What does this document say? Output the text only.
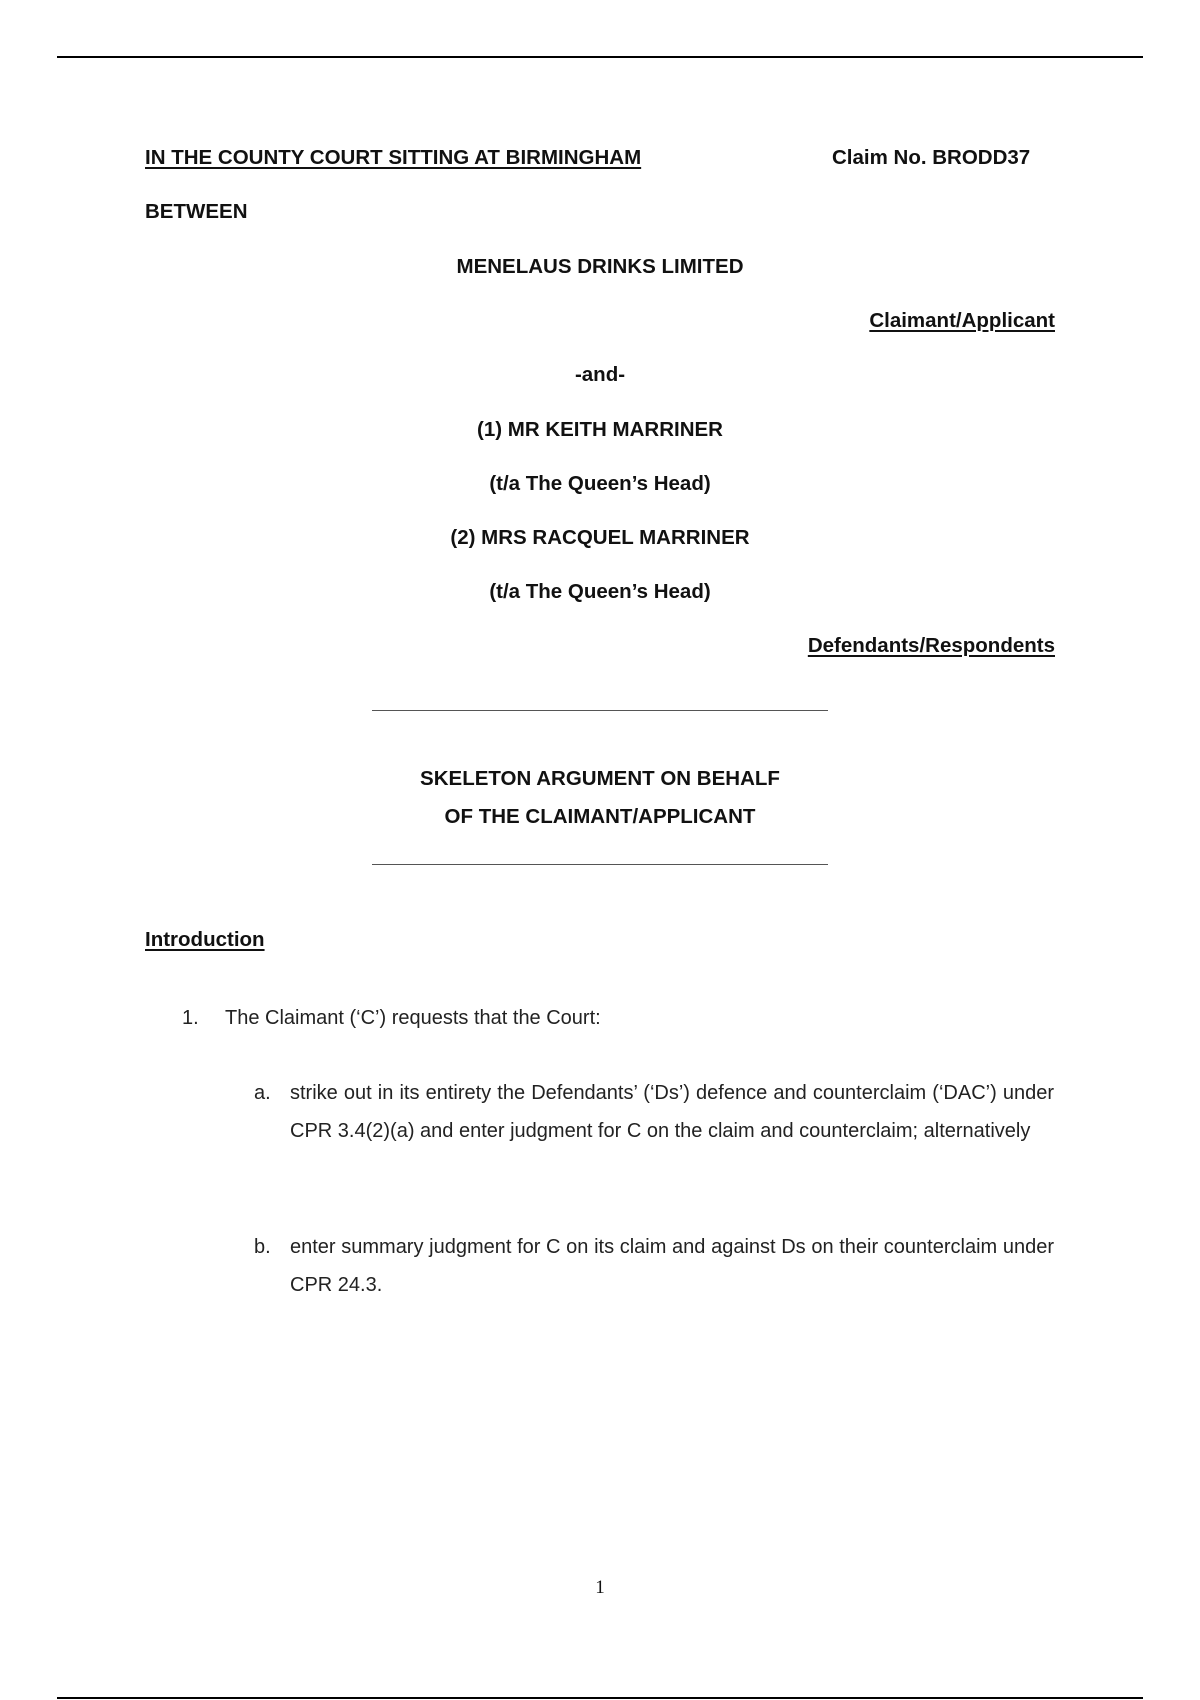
IN THE COUNTY COURT SITTING AT BIRMINGHAM	Claim No. BRODD37
BETWEEN
MENELAUS DRINKS LIMITED
Claimant/Applicant
-and-
(1) MR KEITH MARRINER
(t/a The Queen’s Head)
(2) MRS RACQUEL MARRINER
(t/a The Queen’s Head)
Defendants/Respondents
SKELETON ARGUMENT ON BEHALF
OF THE CLAIMANT/APPLICANT
Introduction
1. The Claimant (‘C’) requests that the Court:
a. strike out in its entirety the Defendants’ (‘Ds’) defence and counterclaim (‘DAC’) under CPR 3.4(2)(a) and enter judgment for C on the claim and counterclaim; alternatively
b. enter summary judgment for C on its claim and against Ds on their counterclaim under CPR 24.3.
1
